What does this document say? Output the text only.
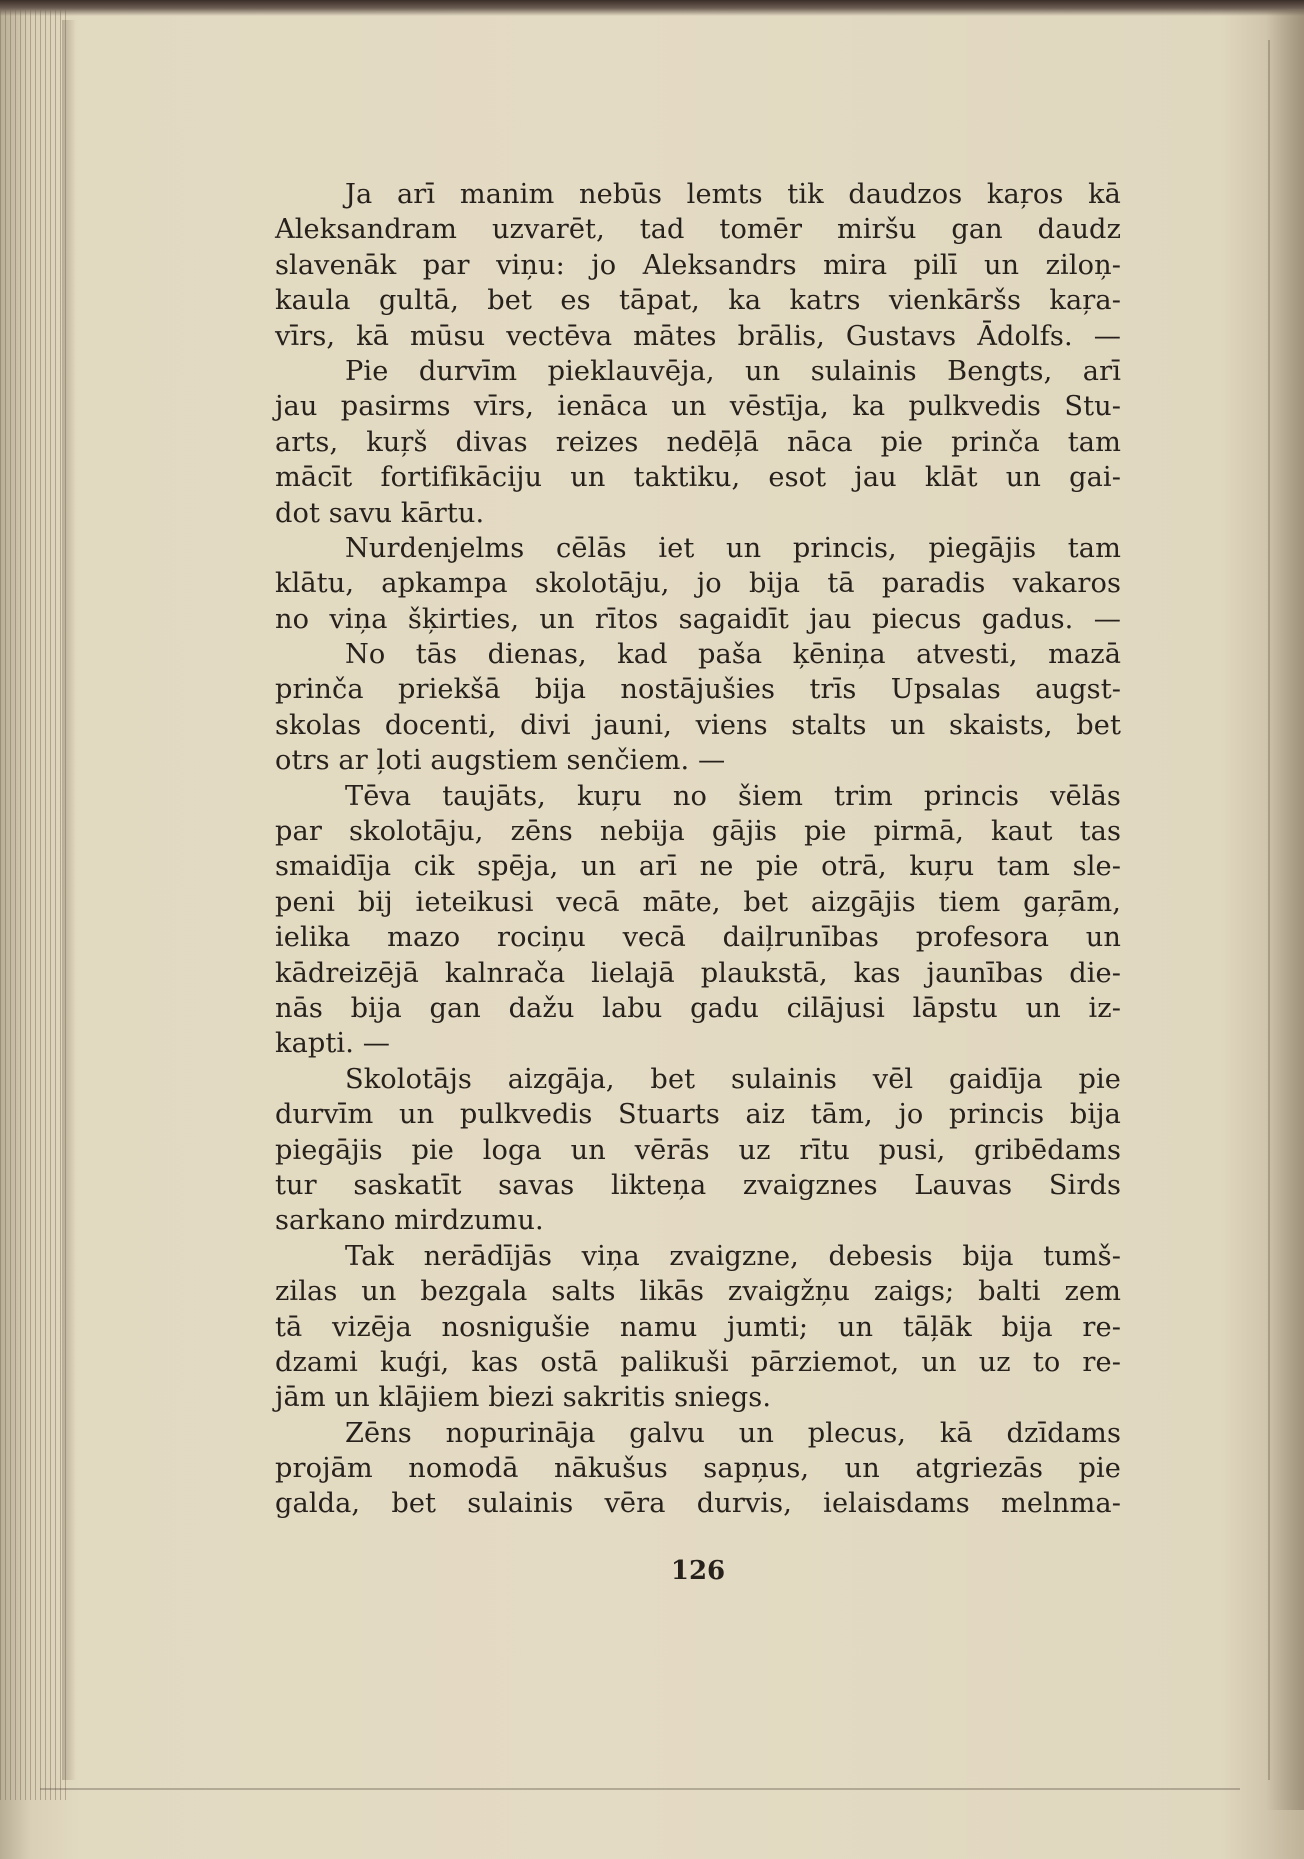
Ja arī manim nebūs lemts tik daudzos kaŗos kā
Aleksandram uzvarēt, tad tomēr miršu gan daudz
slavenāk par viņu: jo Aleksandrs mira pilī un ziloņ-
kaula gultā, bet es tāpat, ka katrs vienkāršs kaŗa-
vīrs, kā mūsu vectēva mātes brālis, Gustavs Ādolfs. —
Pie durvīm pieklauvēja, un sulainis Bengts, arī
jau pasirms vīrs, ienāca un vēstīja, ka pulkvedis Stu-
arts, kuŗš divas reizes nedēļā nāca pie prinča tam
mācīt fortifikāciju un taktiku, esot jau klāt un gai-
dot savu kārtu.
Nurdenjelms cēlās iet un princis, piegājis tam
klātu, apkampa skolotāju, jo bija tā paradis vakaros
no viņa šķirties, un rītos sagaidīt jau piecus gadus. —
No tās dienas, kad paša ķēniņa atvesti, mazā
prinča priekšā bija nostājušies trīs Upsalas augst-
skolas docenti, divi jauni, viens stalts un skaists, bet
otrs ar ļoti augstiem senčiem. —
Tēva taujāts, kuŗu no šiem trim princis vēlās
par skolotāju, zēns nebija gājis pie pirmā, kaut tas
smaidīja cik spēja, un arī ne pie otrā, kuŗu tam sle-
peni bij ieteikusi vecā māte, bet aizgājis tiem gaŗām,
ielika mazo rociņu vecā daiļrunības profesora un
kādreizējā kalnrača lielajā plaukstā, kas jaunības die-
nās bija gan dažu labu gadu cilājusi lāpstu un iz-
kapti. —
Skolotājs aizgāja, bet sulainis vēl gaidīja pie
durvīm un pulkvedis Stuarts aiz tām, jo princis bija
piegājis pie loga un vērās uz rītu pusi, gribēdams
tur saskatīt savas likteņa zvaigznes Lauvas Sirds
sarkano mirdzumu.
Tak nerādījās viņa zvaigzne, debesis bija tumš-
zilas un bezgala salts likās zvaigžņu zaigs; balti zem
tā vizēja nosnigušie namu jumti; un tāļāk bija re-
dzami kuģi, kas ostā palikuši pārziemot, un uz to re-
jām un klājiem biezi sakritis sniegs.
Zēns nopurināja galvu un plecus, kā dzīdams
projām nomodā nākušus sapņus, un atgriezās pie
galda, bet sulainis vēra durvis, ielaisdams melnma-
126
